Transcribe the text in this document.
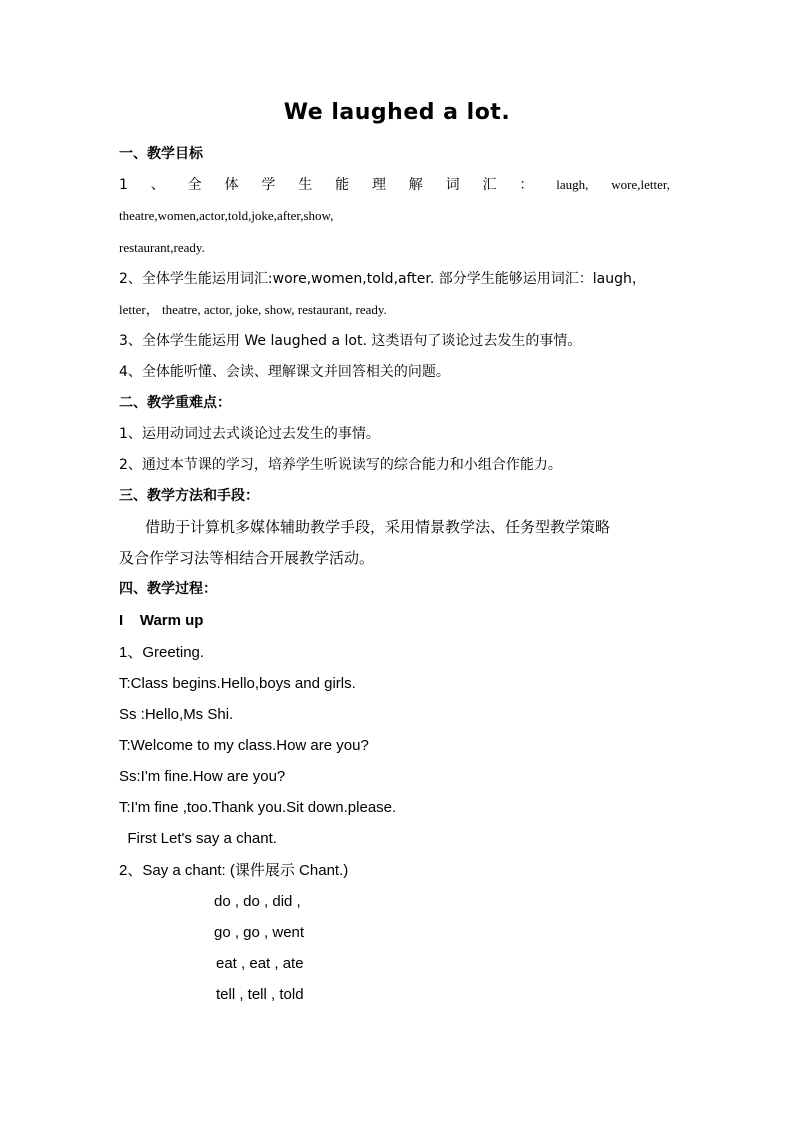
We laughed a lot.
一、教学目标
1 、 全 体 学 生 能 理 解 词 汇 ： laugh, wore,letter,
theatre,women,actor,told,joke,after,show,
restaurant,ready.
2、全体学生能运用词汇:wore,women,told,after. 部分学生能够运用词汇：laugh，
letter， theatre, actor, joke, show, restaurant, ready.
3、全体学生能运用 We laughed a lot. 这类语句了谈论过去发生的事情。
4、全体能听懂、会读、理解课文并回答相关的问题。
二、教学重难点：
1、运用动词过去式谈论过去发生的事情。
2、通过本节课的学习，培养学生听说读写的综合能力和小组合作能力。
三、教学方法和手段：
借助于计算机多媒体辅助教学手段，采用情景教学法、任务型教学策略
及合作学习法等相结合开展教学活动。
四、教学过程：
I    Warm up
1、Greeting.
T:Class begins.Hello,boys and girls.
Ss :Hello,Ms Shi.
T:Welcome to my class.How are you?
Ss:I'm fine.How are you?
T:I'm fine ,too.Thank you.Sit down.please.
First Let's say a chant.
2、Say a chant: (课件展示 Chant.)
do , do , did ,
go , go , went
eat , eat , ate
tell , tell , told
